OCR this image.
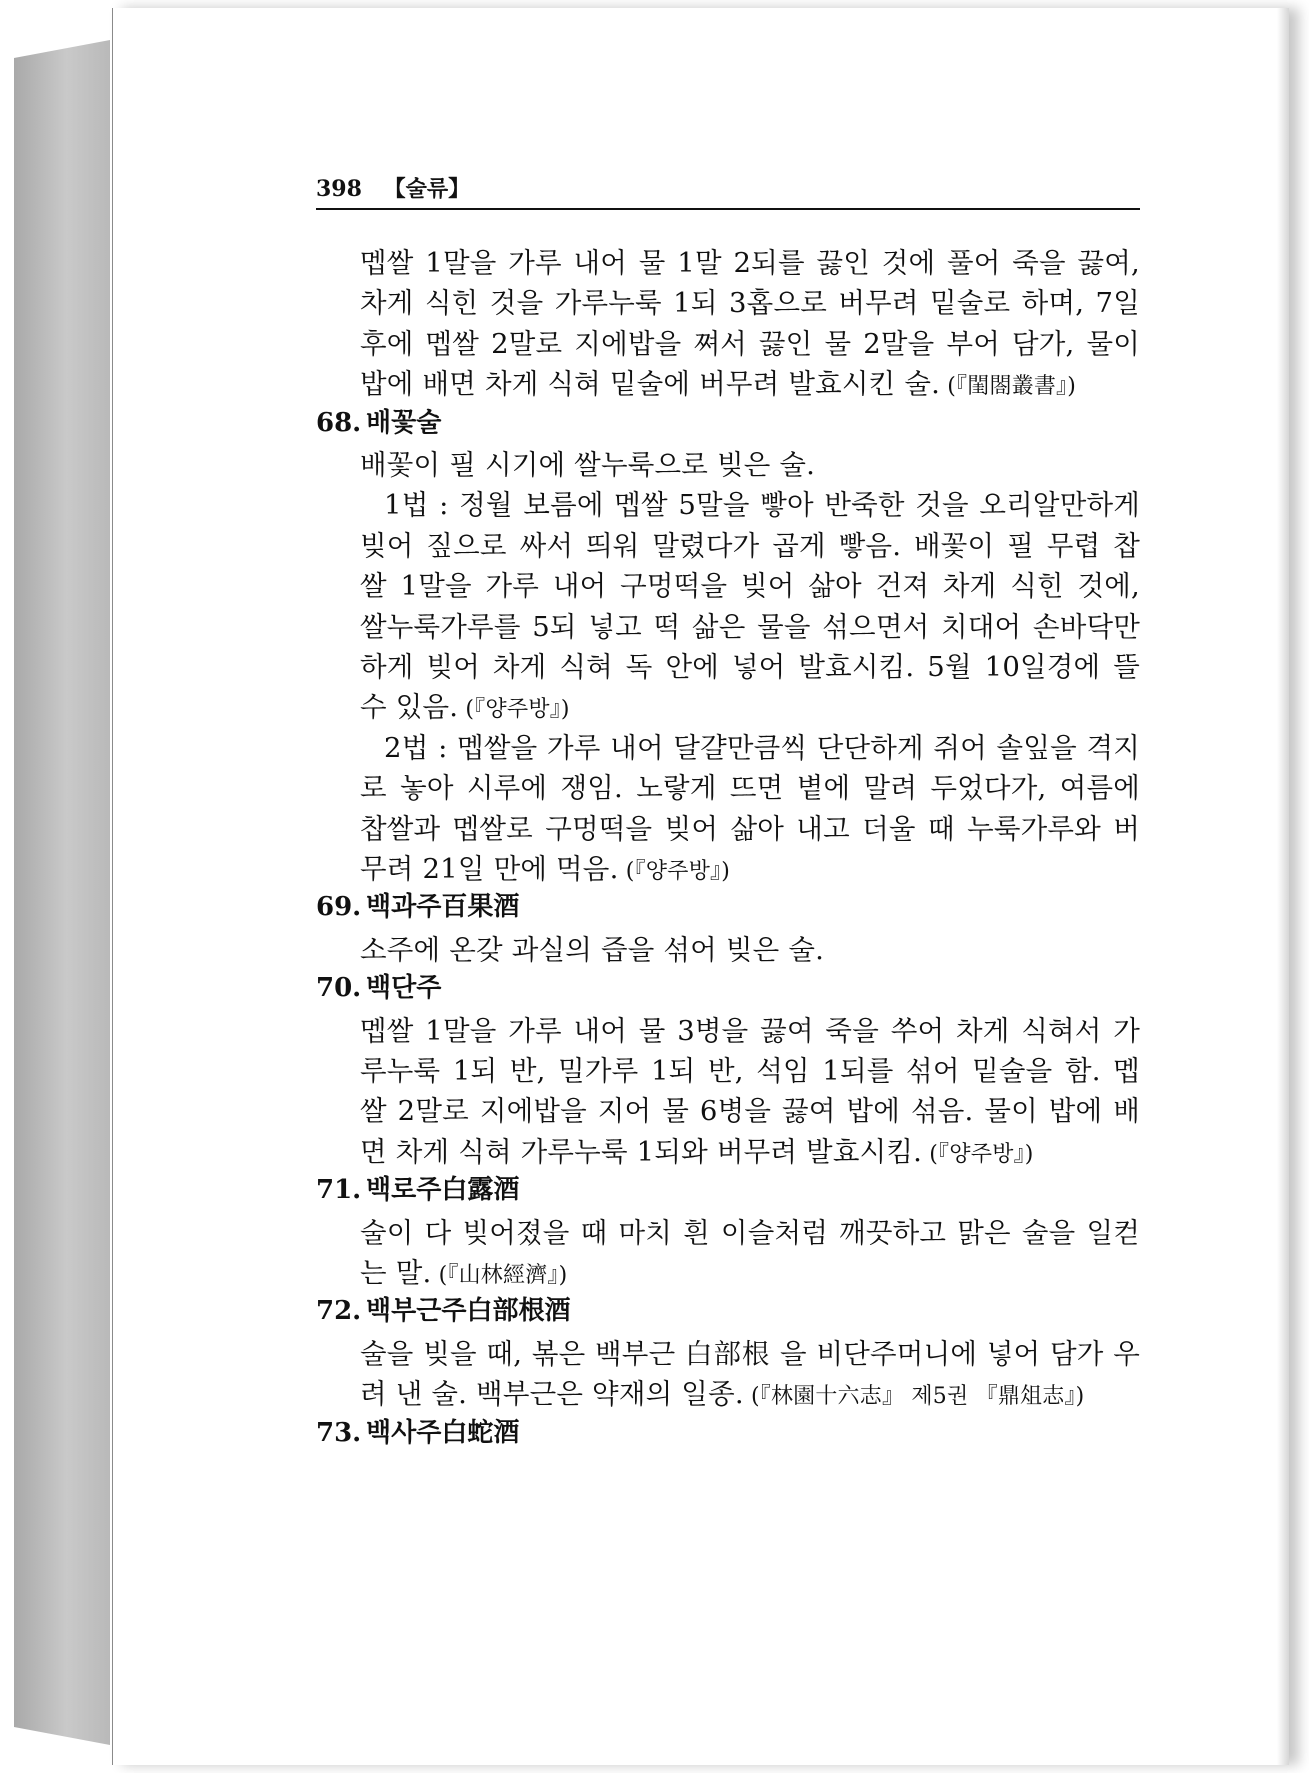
398 【술류】
멥쌀 1말을 가루 내어 물 1말 2되를 끓인 것에 풀어 죽을 끓여,
차게 식힌 것을 가루누룩 1되 3홉으로 버무려 밑술로 하며, 7일
후에 멥쌀 2말로 지에밥을 쪄서 끓인 물 2말을 부어 담가, 물이
밥에 배면 차게 식혀 밑술에 버무려 발효시킨 술. (『閨閤叢書』)
68. 배꽃술
배꽃이 필 시기에 쌀누룩으로 빚은 술.
1법 : 정월 보름에 멥쌀 5말을 빻아 반죽한 것을 오리알만하게
빚어 짚으로 싸서 띄워 말렸다가 곱게 빻음. 배꽃이 필 무렵 찹
쌀 1말을 가루 내어 구멍떡을 빚어 삶아 건져 차게 식힌 것에,
쌀누룩가루를 5되 넣고 떡 삶은 물을 섞으면서 치대어 손바닥만
하게 빚어 차게 식혀 독 안에 넣어 발효시킴. 5월 10일경에 뜰
수 있음. (『양주방』)
2법 : 멥쌀을 가루 내어 달걀만큼씩 단단하게 쥐어 솔잎을 격지
로 놓아 시루에 쟁임. 노랗게 뜨면 볕에 말려 두었다가, 여름에
찹쌀과 멥쌀로 구멍떡을 빚어 삶아 내고 더울 때 누룩가루와 버
무려 21일 만에 먹음. (『양주방』)
69. 백과주百果酒
소주에 온갖 과실의 즙을 섞어 빚은 술.
70. 백단주
멥쌀 1말을 가루 내어 물 3병을 끓여 죽을 쑤어 차게 식혀서 가
루누룩 1되 반, 밀가루 1되 반, 석임 1되를 섞어 밑술을 함. 멥
쌀 2말로 지에밥을 지어 물 6병을 끓여 밥에 섞음. 물이 밥에 배
면 차게 식혀 가루누룩 1되와 버무려 발효시킴. (『양주방』)
71. 백로주白露酒
술이 다 빚어졌을 때 마치 흰 이슬처럼 깨끗하고 맑은 술을 일컫
는 말. (『山林經濟』)
72. 백부근주白部根酒
술을 빚을 때, 볶은 백부근 白部根 을 비단주머니에 넣어 담가 우
려 낸 술. 백부근은 약재의 일종. (『林園十六志』 제5권 『鼎俎志』)
73. 백사주白蛇酒
